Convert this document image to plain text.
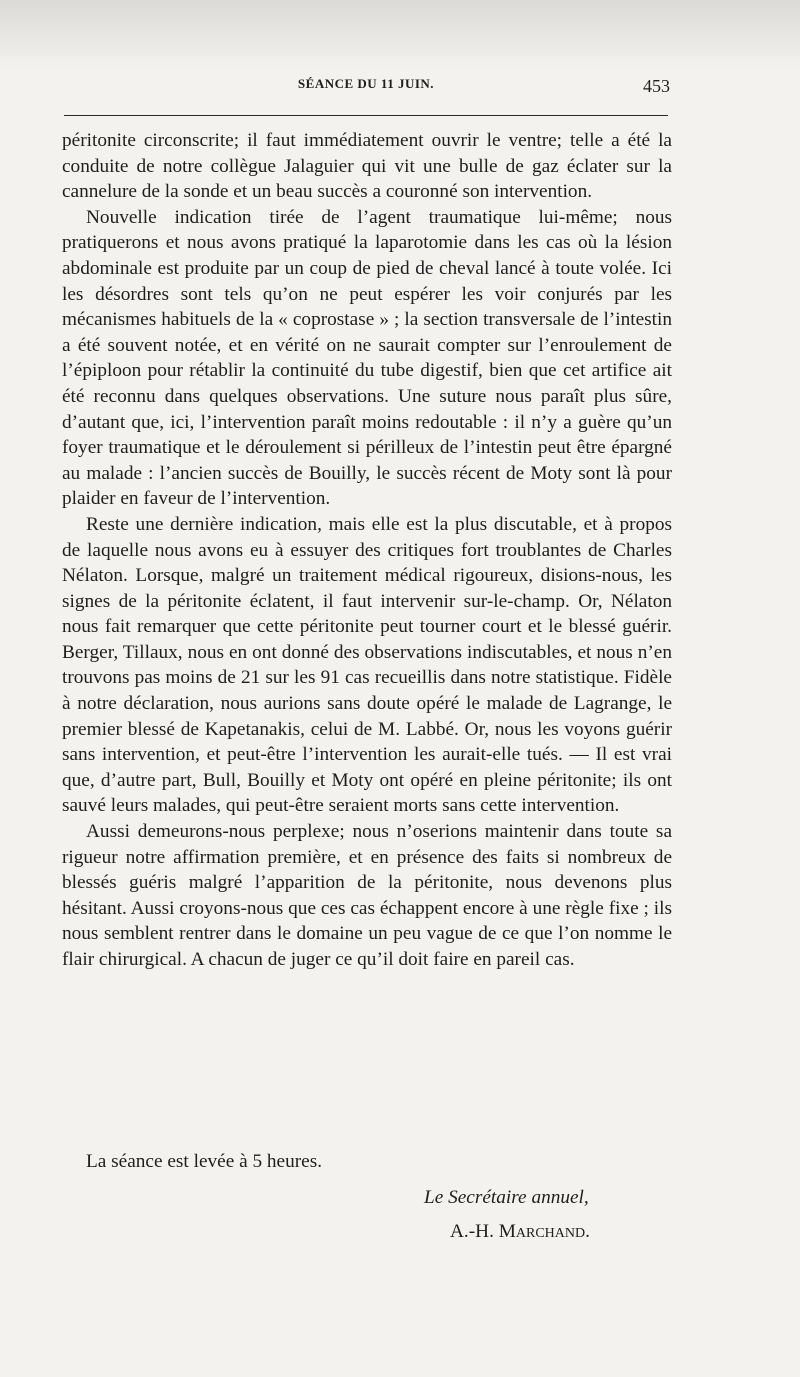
SÉANCE DU 11 JUIN.	453

péritonite circonscrite; il faut immédiatement ouvrir le ventre; telle a été la conduite de notre collègue Jalaguier qui vit une bulle de gaz éclater sur la cannelure de la sonde et un beau succès a couronné son intervention.

Nouvelle indication tirée de l’agent traumatique lui-même; nous pratiquerons et nous avons pratiqué la laparotomie dans les cas où la lésion abdominale est produite par un coup de pied de cheval lancé à toute volée. Ici les désordres sont tels qu’on ne peut espérer les voir conjurés par les mécanismes habituels de la « coprostase » ; la section transversale de l’intestin a été souvent notée, et en vérité on ne saurait compter sur l’enroulement de l’épiploon pour rétablir la continuité du tube digestif, bien que cet artifice ait été reconnu dans quelques observations. Une suture nous paraît plus sûre, d’autant que, ici, l’intervention paraît moins redoutable : il n’y a guère qu’un foyer traumatique et le déroulement si périlleux de l’intestin peut être épargné au malade : l’ancien succès de Bouilly, le succès récent de Moty sont là pour plaider en faveur de l’intervention.

Reste une dernière indication, mais elle est la plus discutable, et à propos de laquelle nous avons eu à essuyer des critiques fort troublantes de Charles Nélaton. Lorsque, malgré un traitement médical rigoureux, disions-nous, les signes de la péritonite éclatent, il faut intervenir sur-le-champ. Or, Nélaton nous fait remarquer que cette péritonite peut tourner court et le blessé guérir. Berger, Tillaux, nous en ont donné des observations indiscutables, et nous n’en trouvons pas moins de 21 sur les 91 cas recueillis dans notre statistique. Fidèle à notre déclaration, nous aurions sans doute opéré le malade de Lagrange, le premier blessé de Kapetanakis, celui de M. Labbé. Or, nous les voyons guérir sans intervention, et peut-être l’intervention les aurait-elle tués. — Il est vrai que, d’autre part, Bull, Bouilly et Moty ont opéré en pleine péritonite; ils ont sauvé leurs malades, qui peut-être seraient morts sans cette intervention.

Aussi demeurons-nous perplexe; nous n’oserions maintenir dans toute sa rigueur notre affirmation première, et en présence des faits si nombreux de blessés guéris malgré l’apparition de la péritonite, nous devenons plus hésitant. Aussi croyons-nous que ces cas échappent encore à une règle fixe ; ils nous semblent rentrer dans le domaine un peu vague de ce que l’on nomme le flair chirurgical. A chacun de juger ce qu’il doit faire en pareil cas.

La séance est levée à 5 heures.
Le Secrétaire annuel,
A.-H. Marchand.
